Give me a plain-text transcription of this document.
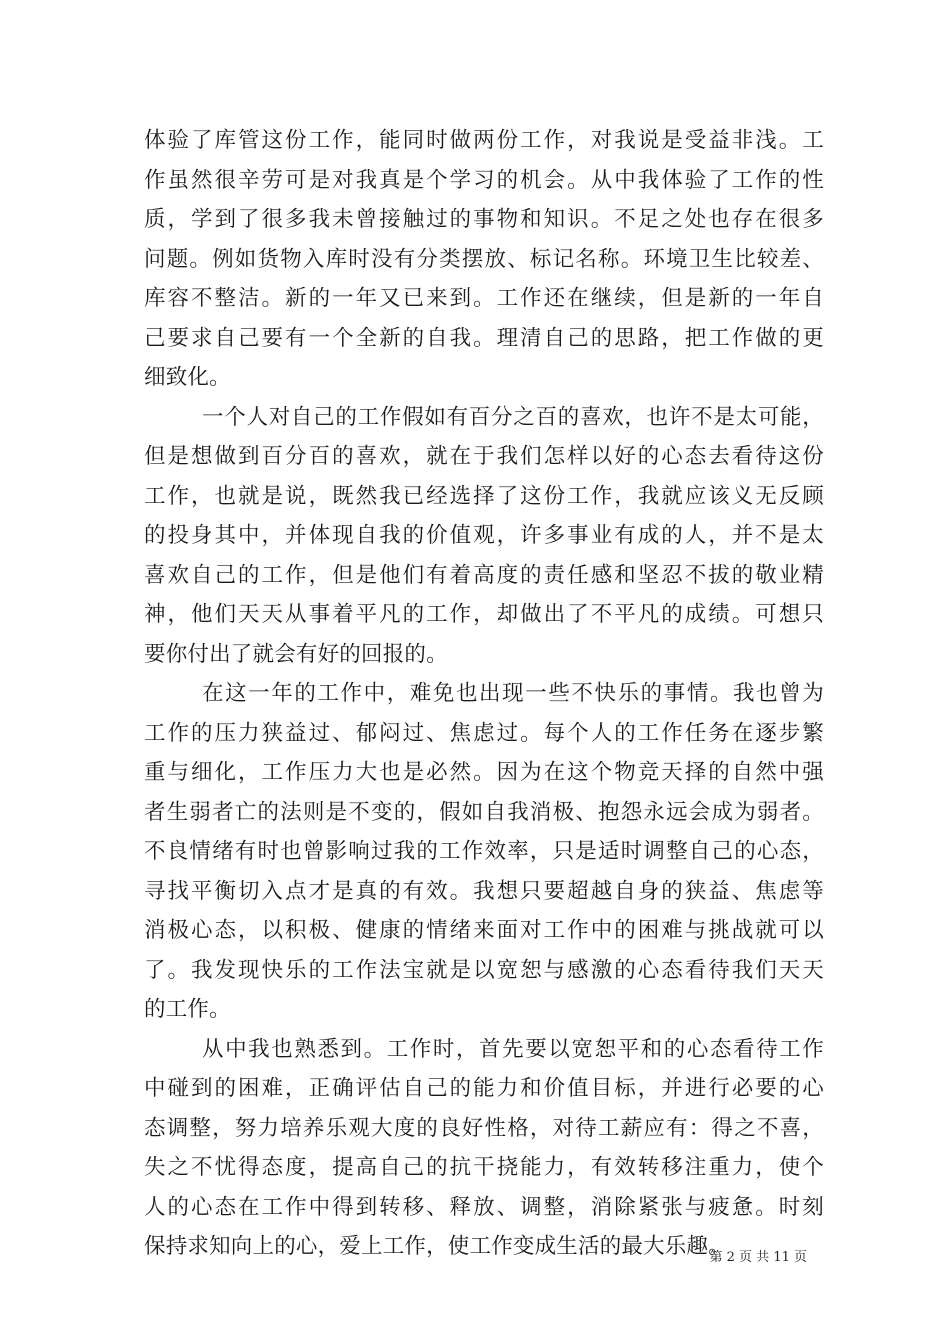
体验了库管这份工作，能同时做两份工作，对我说是受益非浅。工
作虽然很辛劳可是对我真是个学习的机会。从中我体验了工作的性
质，学到了很多我未曾接触过的事物和知识。不足之处也存在很多
问题。例如货物入库时没有分类摆放、标记名称。环境卫生比较差、
库容不整洁。新的一年又已来到。工作还在继续，但是新的一年自
己要求自己要有一个全新的自我。理清自己的思路，把工作做的更
细致化。
一个人对自己的工作假如有百分之百的喜欢，也许不是太可能，
但是想做到百分百的喜欢，就在于我们怎样以好的心态去看待这份
工作，也就是说，既然我已经选择了这份工作，我就应该义无反顾
的投身其中，并体现自我的价值观，许多事业有成的人，并不是太
喜欢自己的工作，但是他们有着高度的责任感和坚忍不拔的敬业精
神，他们天天从事着平凡的工作，却做出了不平凡的成绩。可想只
要你付出了就会有好的回报的。
在这一年的工作中，难免也出现一些不快乐的事情。我也曾为
工作的压力狭益过、郁闷过、焦虑过。每个人的工作任务在逐步繁
重与细化，工作压力大也是必然。因为在这个物竞天择的自然中强
者生弱者亡的法则是不变的，假如自我消极、抱怨永远会成为弱者。
不良情绪有时也曾影响过我的工作效率，只是适时调整自己的心态，
寻找平衡切入点才是真的有效。我想只要超越自身的狭益、焦虑等
消极心态，以积极、健康的情绪来面对工作中的困难与挑战就可以
了。我发现快乐的工作法宝就是以宽恕与感激的心态看待我们天天
的工作。
从中我也熟悉到。工作时，首先要以宽恕平和的心态看待工作
中碰到的困难，正确评估自己的能力和价值目标，并进行必要的心
态调整，努力培养乐观大度的良好性格，对待工薪应有：得之不喜，
失之不忧得态度，提高自己的抗干挠能力，有效转移注重力，使个
人的心态在工作中得到转移、释放、调整，消除紧张与疲惫。时刻
保持求知向上的心，爱上工作，使工作变成生活的最大乐趣。
第 2 页 共 11 页
